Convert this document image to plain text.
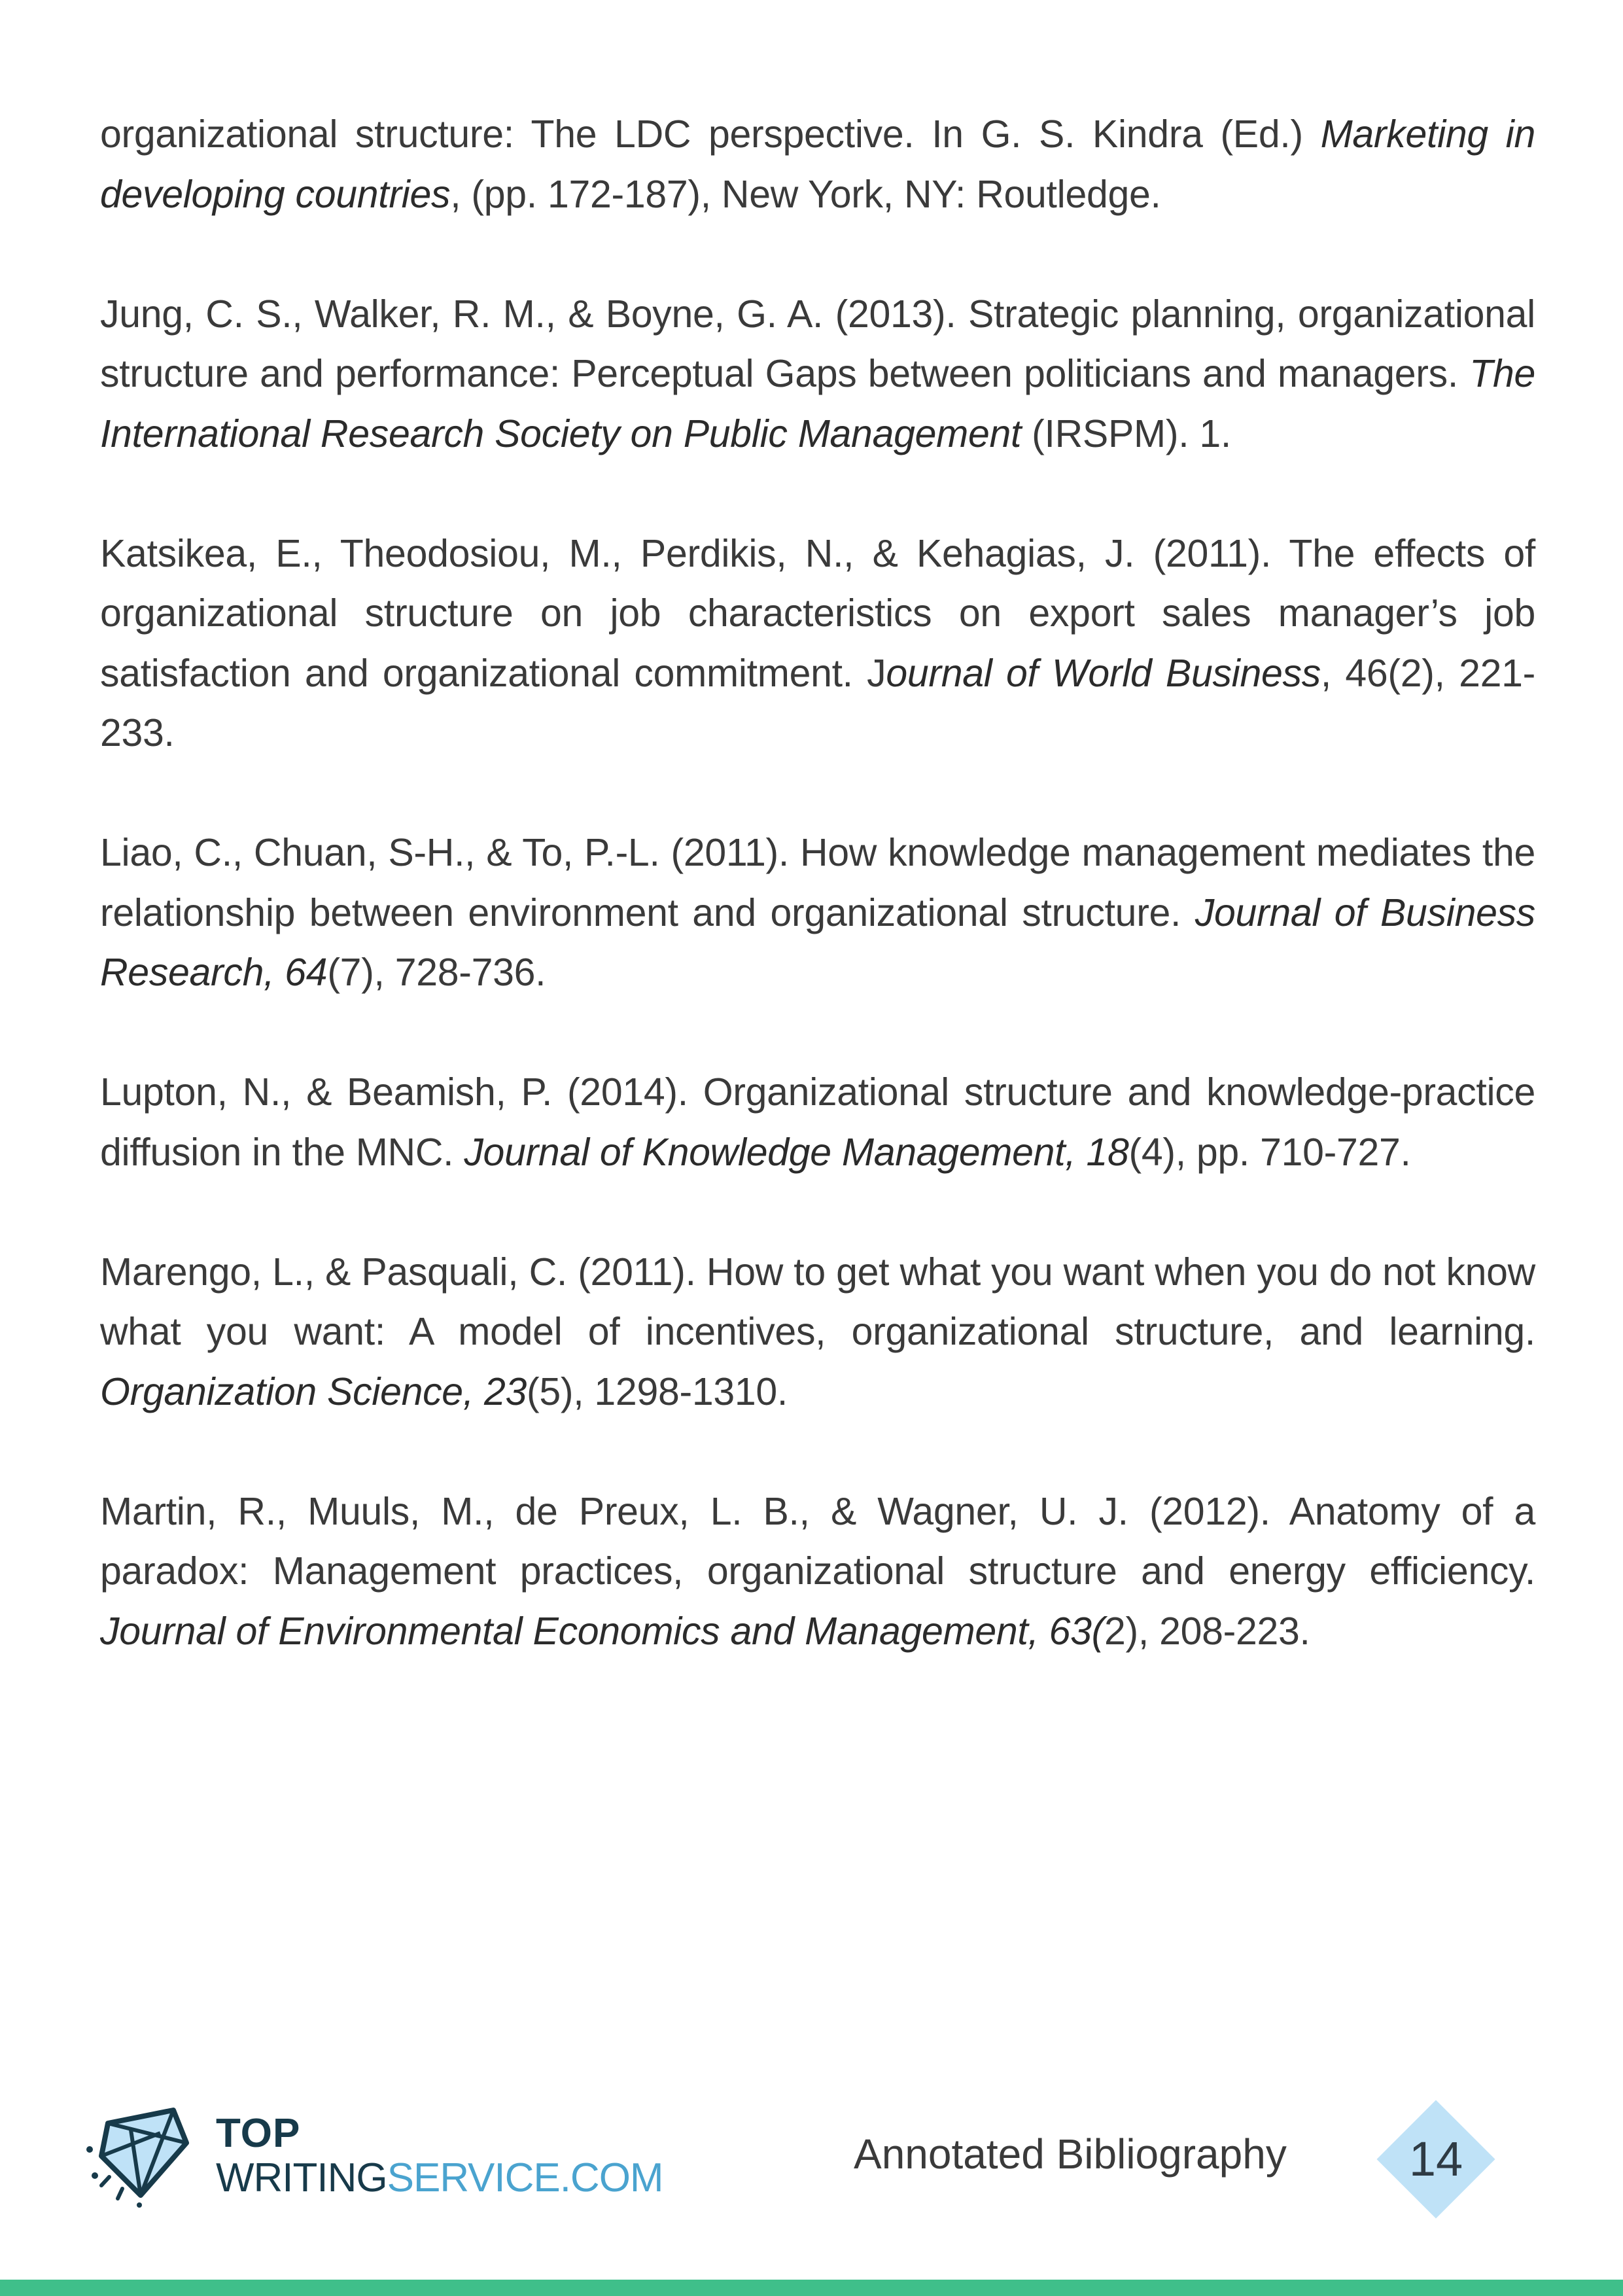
organizational structure: The LDC perspective. In G. S. Kindra (Ed.) Marketing in developing countries, (pp. 172-187), New York, NY: Routledge.

Jung, C. S., Walker, R. M., & Boyne, G. A. (2013). Strategic planning, organizational structure and performance: Perceptual Gaps between politicians and managers. The International Research Society on Public Management (IRSPM). 1.

Katsikea, E., Theodosiou, M., Perdikis, N., & Kehagias, J. (2011). The effects of organizational structure on job characteristics on export sales manager’s job satisfaction and organizational commitment. Journal of World Business, 46(2), 221-233.

Liao, C., Chuan, S-H., & To, P.-L. (2011). How knowledge management mediates the relationship between environment and organizational structure. Journal of Business Research, 64(7), 728-736.

Lupton, N., & Beamish, P. (2014). Organizational structure and knowledge-practice diffusion in the MNC. Journal of Knowledge Management, 18(4), pp. 710-727.

Marengo, L., & Pasquali, C. (2011). How to get what you want when you do not know what you want: A model of incentives, organizational structure, and learning. Organization Science, 23(5), 1298-1310.

Martin, R., Muuls, M., de Preux, L. B., & Wagner, U. J. (2012). Anatomy of a paradox: Management practices, organizational structure and energy efficiency. Journal of Environmental Economics and Management, 63(2), 208-223.

TOP
WRITINGSERVICE.COM
Annotated Bibliography	14
